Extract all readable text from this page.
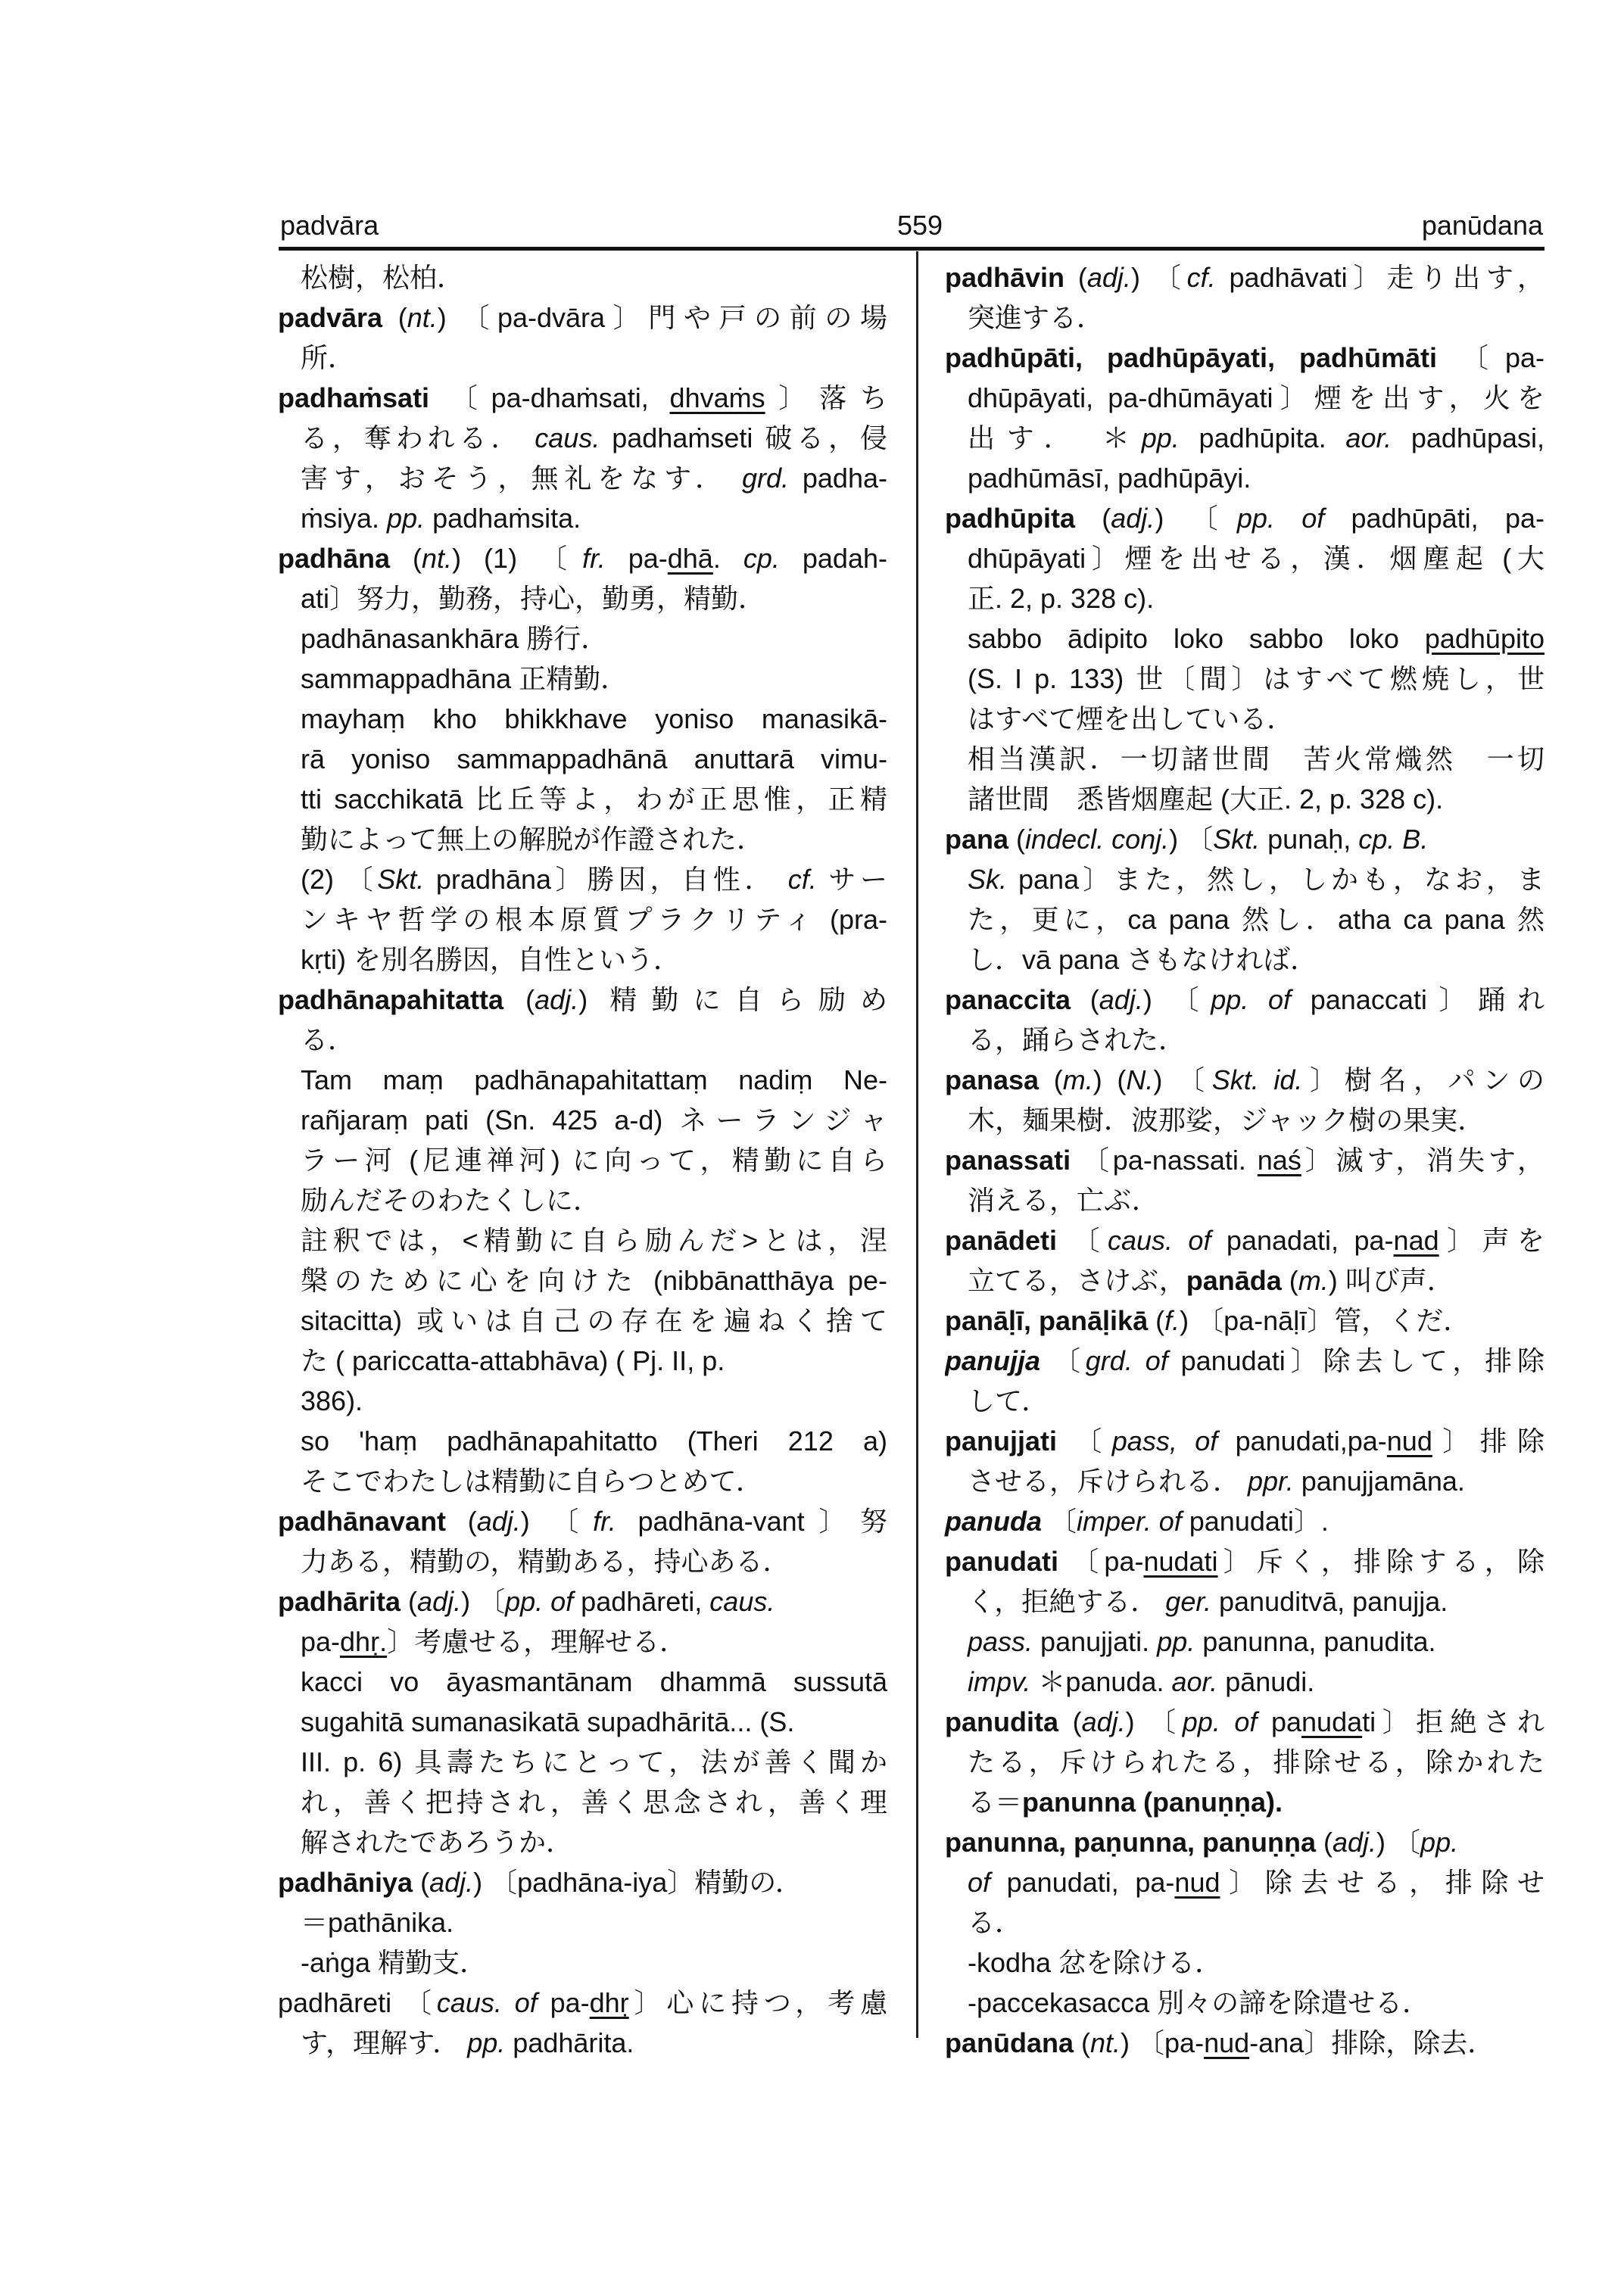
padvāra	559	panūdana
松樹，松柏．
padvāra (nt.) 〔pa-dvāra〕門や戸の前の場
所．
padhaṁsati 〔pa-dhaṁsati, dhvaṁs〕落ち
る，奪われる． caus. padhaṁseti 破る，侵
害す，おそう，無礼をなす． grd. padha-
ṁsiya. pp. padhaṁsita.
padhāna (nt.) (1) 〔fr. pa-dhā. cp. padah-
ati〕努力，勤務，持心，勤勇，精勤．
padhānasankhāra 勝行．
sammappadhāna 正精勤．
mayhaṃ kho bhikkhave yoniso manasikā-
rā yoniso sammappadhānā anuttarā vimu-
tti sacchikatā 比丘等よ，わが正思惟，正精
勤によって無上の解脱が作證された．
(2) 〔Skt. pradhāna〕勝因，自性． cf. サー
ンキヤ哲学の根本原質プラクリティ (pra-
kṛti) を別名勝因，自性という．
padhānapahitatta (adj.) 精勤に自ら励め
る．
Tam maṃ padhānapahitattaṃ nadiṃ Ne-
rañjaraṃ pati (Sn. 425 a-d) ネーランジャ
ラー河 (尼連禅河) に向って，精勤に自ら
励んだそのわたくしに．
註釈では，<精勤に自ら励んだ>とは，涅
槃のために心を向けた (nibbānatthāya pe-
sitacitta) 或いは自己の存在を遍ねく捨て
た ( pariccatta-attabhāva) ( Pj. II, p.
386).
so 'haṃ padhānapahitatto (Theri 212 a)
そこでわたしは精勤に自らつとめて．
padhānavant (adj.) 〔fr. padhāna-vant〕努
力ある，精勤の，精勤ある，持心ある．
padhārita (adj.) 〔pp. of padhāreti, caus.
pa-dhṛ.〕考慮せる，理解せる．
kacci vo āyasmantānam dhammā sussutā
sugahitā sumanasikatā supadhāritā... (S.
III. p. 6) 具壽たちにとって，法が善く聞か
れ，善く把持され，善く思念され，善く理
解されたであろうか．
padhāniya (adj.) 〔padhāna-iya〕精勤の．
＝pathānika.
-aṅga 精勤支．
padhāreti 〔caus. of pa-dhṛ〕心に持つ，考慮
す，理解す． pp. padhārita.
padhāvin (adj.) 〔cf. padhāvati〕走り出す，
突進する．
padhūpāti, padhūpāyati, padhūmāti 〔pa-
dhūpāyati, pa-dhūmāyati〕煙を出す，火を
出す． ＊pp. padhūpita. aor. padhūpasi,
padhūmāsī, padhūpāyi.
padhūpita (adj.) 〔pp. of padhūpāti, pa-
dhūpāyati〕煙を出せる，漢．烟塵起 (大
正. 2, p. 328 c).
sabbo ādipito loko sabbo loko padhūpito
(S. I p. 133) 世〔間〕はすべて燃焼し，世
はすべて煙を出している．
相当漢訳．一切諸世間　苦火常熾然　一切
諸世間　悉皆烟塵起 (大正. 2, p. 328 c).
pana (indecl. conj.) 〔Skt. punaḥ, cp. B.
Sk. pana〕また，然し，しかも，なお，ま
た，更に，ca pana 然し．atha ca pana 然
し．vā pana さもなければ．
panaccita (adj.) 〔pp. of panaccati〕踊れ
る，踊らされた．
panasa (m.) (N.) 〔Skt. id.〕樹名，パンの
木，麺果樹．波那娑，ジャック樹の果実．
panassati 〔pa-nassati. naś〕滅す，消失す，
消える，亡ぶ．
panādeti 〔caus. of panadati, pa-nad〕声を
立てる，さけぶ，panāda (m.) 叫び声．
panāḷī, panāḷikā (f.) 〔pa-nāḷī〕管，くだ．
panujja 〔grd. of panudati〕除去して，排除
して．
panujjati 〔pass, of panudati,pa-nud〕排除
させる，斥けられる． ppr. panujjamāna.
panuda 〔imper. of panudati〕.
panudati 〔pa-nudati〕斥く，排除する，除
く，拒絶する． ger. panuditvā, panujja.
pass. panujjati. pp. panunna, panudita.
impv. ＊panuda. aor. pānudi.
panudita (adj.) 〔pp. of panudati〕拒絶され
たる，斥けられたる，排除せる，除かれた
る＝panunna (panuṇṇa).
panunna, paṇunna, panuṇṇa (adj.) 〔pp.
of panudati, pa-nud〕除去せる，排除せ
る．
-kodha 忿を除ける．
-paccekasacca 別々の諦を除遣せる．
panūdana (nt.) 〔pa-nud-ana〕排除，除去．
